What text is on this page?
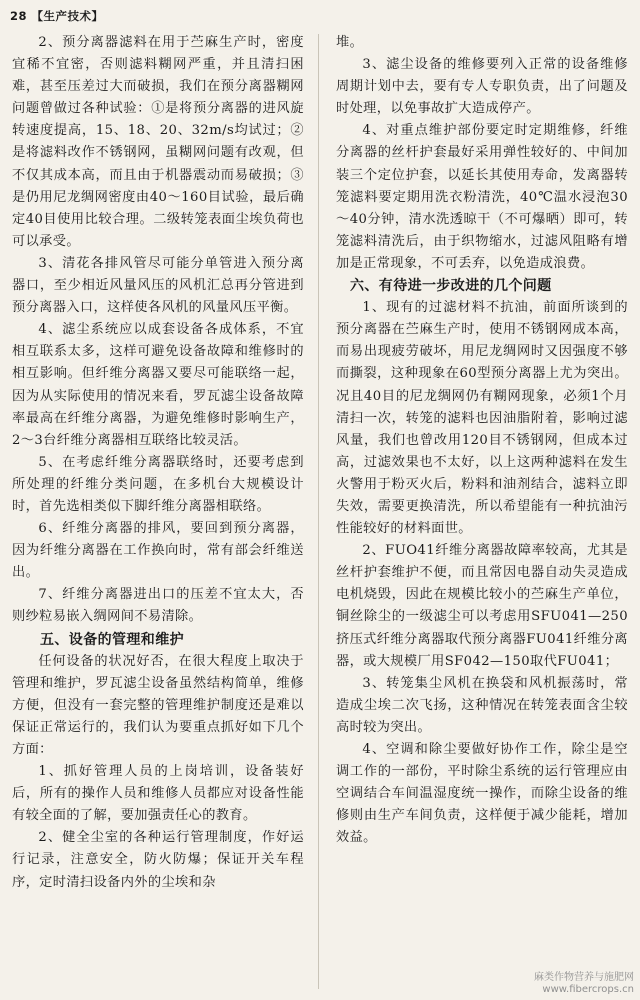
28 【生产技术】

2、预分离器滤料在用于苎麻生产时，密度宜稀不宜密，否则滤料糊网严重，并且清扫困难，甚至压差过大而破损，我们在预分离器糊网问题曾做过各种试验：①是将预分离器的进风旋转速度提高，15、18、20、32m/s均试过；②是将滤料改作不锈钢网，虽糊网问题有改观，但不仅其成本高，而且由于机器震动而易破损；③是仍用尼龙绸网密度由40～160目试验，最后确定40目使用比较合理。二级转笼表面尘埃负荷也可以承受。

3、清花各排风管尽可能分单管进入预分离器口，至少相近风量风压的风机汇总再分管进到预分离器入口，这样使各风机的风量风压平衡。

4、滤尘系统应以成套设备各成体系，不宜相互联系太多，这样可避免设备故障和维修时的相互影响。但纤维分离器又要尽可能联络一起，因为从实际使用的情况来看，罗瓦滤尘设备故障率最高在纤维分离器，为避免维修时影响生产，2～3台纤维分离器相互联络比较灵活。

5、在考虑纤维分离器联络时，还要考虑到所处理的纤维分类问题，在多机台大规模设计时，首先选相类似下脚纤维分离器相联络。

6、纤维分离器的排风，要回到预分离器，因为纤维分离器在工作换向时，常有部会纤维送出。

7、纤维分离器进出口的压差不宜太大，否则纱粒易嵌入绸网间不易清除。

五、设备的管理和维护

任何设备的状况好否，在很大程度上取决于管理和维护，罗瓦滤尘设备虽然结构简单，维修方便，但没有一套完整的管理维护制度还是难以保证正常运行的，我们认为要重点抓好如下几个方面：

1、抓好管理人员的上岗培训，设备装好后，所有的操作人员和维修人员都应对设备性能有较全面的了解，要加强责任心的教育。

2、健全尘室的各种运行管理制度，作好运行记录，注意安全，防火防爆；保证开关车程序，定时清扫设备内外的尘埃和杂

堆。

3、滤尘设备的维修要列入正常的设备维修周期计划中去，要有专人专职负责，出了问题及时处理，以免事故扩大造成停产。

4、对重点维护部份要定时定期维修，纤维分离器的丝杆护套最好采用弹性较好的、中间加装三个定位护套，以延长其使用寿命，发离器转笼滤料要定期用洗衣粉清洗，40℃温水浸泡30～40分钟，清水洗透晾干（不可爆晒）即可，转笼滤料清洗后，由于织物缩水，过滤风阻略有增加是正常现象，不可丢弃，以免造成浪费。

六、有待进一步改进的几个问题

1、现有的过滤材料不抗油，前面所谈到的预分离器在苎麻生产时，使用不锈钢网成本高，而易出现疲劳破坏，用尼龙绸网时又因强度不够而撕裂，这种现象在60型预分离器上尤为突出。况且40目的尼龙绸网仍有糊网现象，必须1个月清扫一次，转笼的滤料也因油脂附着，影响过滤风量，我们也曾改用120目不锈钢网，但成本过高，过滤效果也不太好，以上这两种滤料在发生火警用于粉灭火后，粉料和油剂结合，滤料立即失效，需要更换清洗，所以希望能有一种抗油污性能较好的材料面世。

2、FUO41纤维分离器故障率较高，尤其是丝杆护套维护不便，而且常因电器自动失灵造成电机烧毁，因此在规模比较小的苎麻生产单位，铜丝除尘的一级滤尘可以考虑用SFU041—250挤压式纤维分离器取代预分离器FU041纤维分离器，或大规模厂用SF042—150取代FU041；

3、转笼集尘风机在换袋和风机振荡时，常造成尘埃二次飞扬，这种情况在转笼表面含尘较高时较为突出。

4、空调和除尘要做好协作工作，除尘是空调工作的一部份，平时除尘系统的运行管理应由空调结合车间温湿度统一操作，而除尘设备的维修则由生产车间负责，这样便于减少能耗，增加效益。

麻类作物营养与施肥网
www.fibercrops.cn
